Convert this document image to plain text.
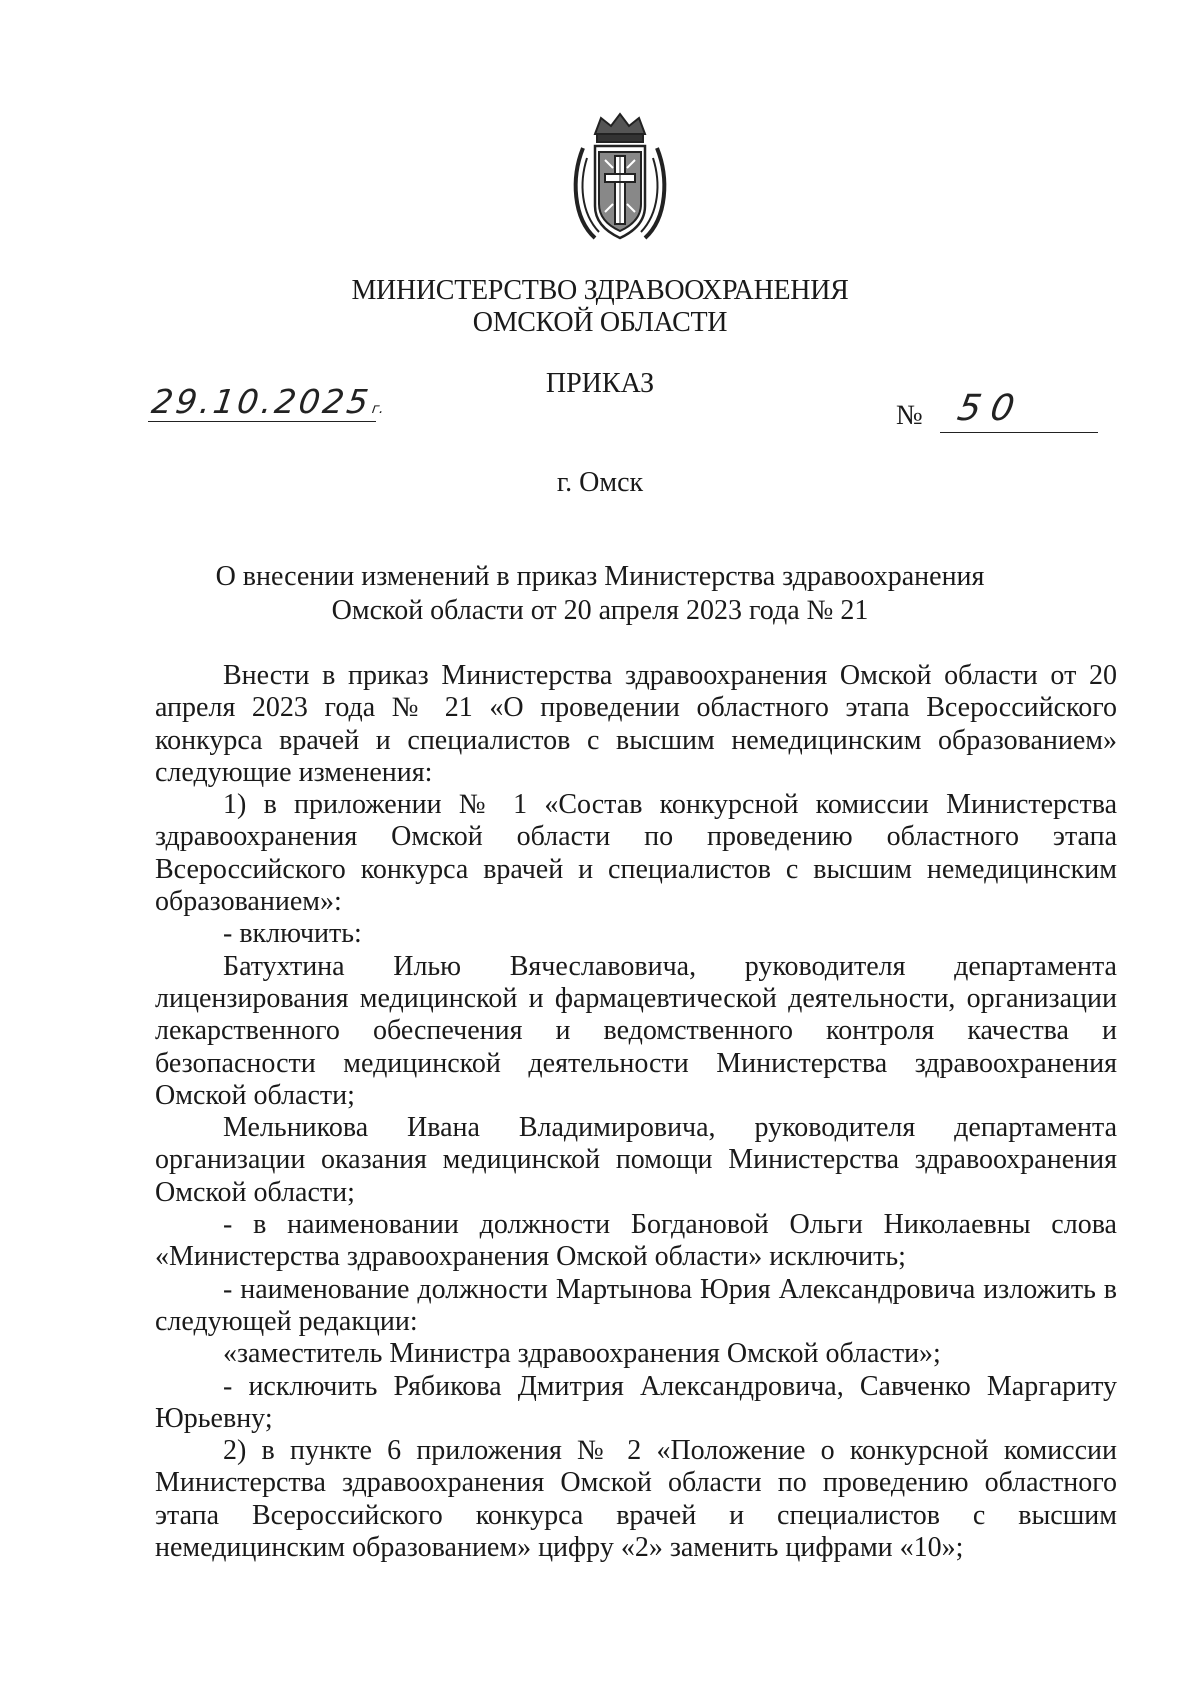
МИНИСТЕРСТВО ЗДРАВООХРАНЕНИЯ
ОМСКОЙ ОБЛАСТИ
ПРИКАЗ
29.10.2025г.	№ 50
г. Омск
О внесении изменений в приказ Министерства здравоохранения
Омской области от 20 апреля 2023 года № 21

Внести в приказ Министерства здравоохранения Омской области от 20 апреля 2023 года № 21 «О проведении областного этапа Всероссийского конкурса врачей и специалистов с высшим немедицинским образованием» следующие изменения:

1) в приложении № 1 «Состав конкурсной комиссии Министерства здравоохранения Омской области по проведению областного этапа Всероссийского конкурса врачей и специалистов с высшим немедицинским образованием»:

- включить:

Батухтина Илью Вячеславовича, руководителя департамента лицензирования медицинской и фармацевтической деятельности, организации лекарственного обеспечения и ведомственного контроля качества и безопасности медицинской деятельности Министерства здравоохранения Омской области;

Мельникова Ивана Владимировича, руководителя департамента организации оказания медицинской помощи Министерства здравоохранения Омской области;

- в наименовании должности Богдановой Ольги Николаевны слова «Министерства здравоохранения Омской области» исключить;

- наименование должности Мартынова Юрия Александровича изложить в следующей редакции:

«заместитель Министра здравоохранения Омской области»;

- исключить Рябикова Дмитрия Александровича, Савченко Маргариту Юрьевну;

2) в пункте 6 приложения № 2 «Положение о конкурсной комиссии Министерства здравоохранения Омской области по проведению областного этапа Всероссийского конкурса врачей и специалистов с высшим немедицинским образованием» цифру «2» заменить цифрами «10»;
